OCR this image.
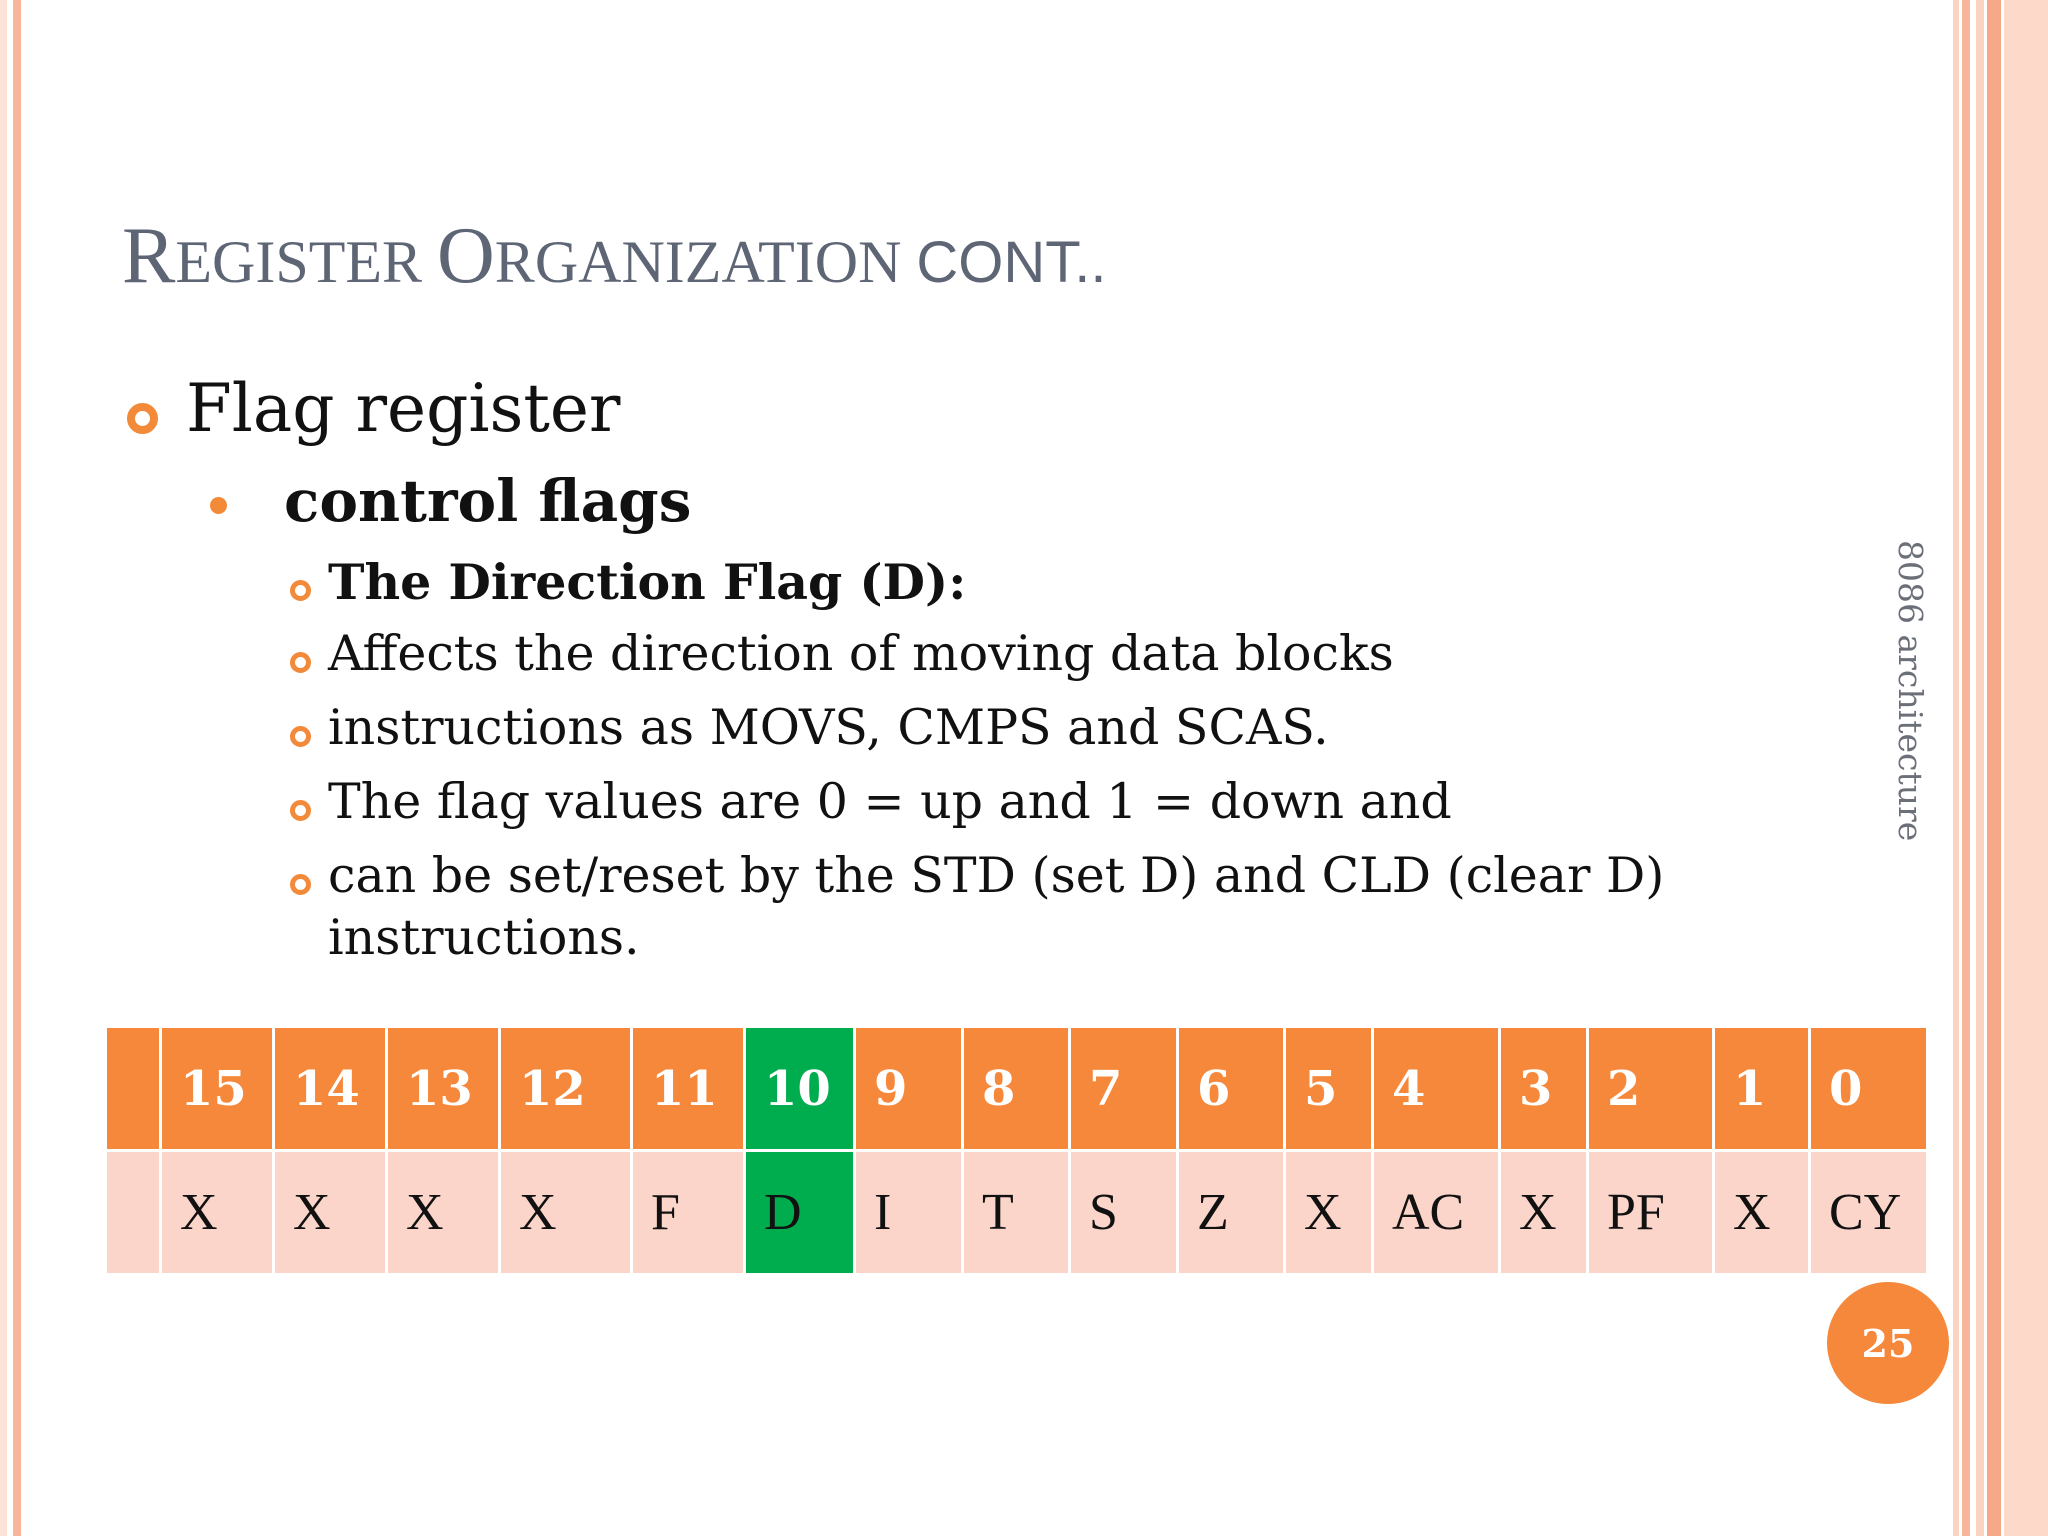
REGISTER ORGANIZATION CONT..
Flag register
control flags
The Direction Flag (D):
Affects the direction of moving data blocks
instructions as MOVS, CMPS and SCAS.
The flag values are 0 = up and 1 = down and
can be set/reset by the STD (set D) and CLD (clear D)
instructions.
8086 architecture
	15	14	13	12	11	10	9	8	7	6	5	4	3	2	1	0
	X	X	X	X	F	D	I	T	S	Z	X	AC	X	PF	X	CY
25
